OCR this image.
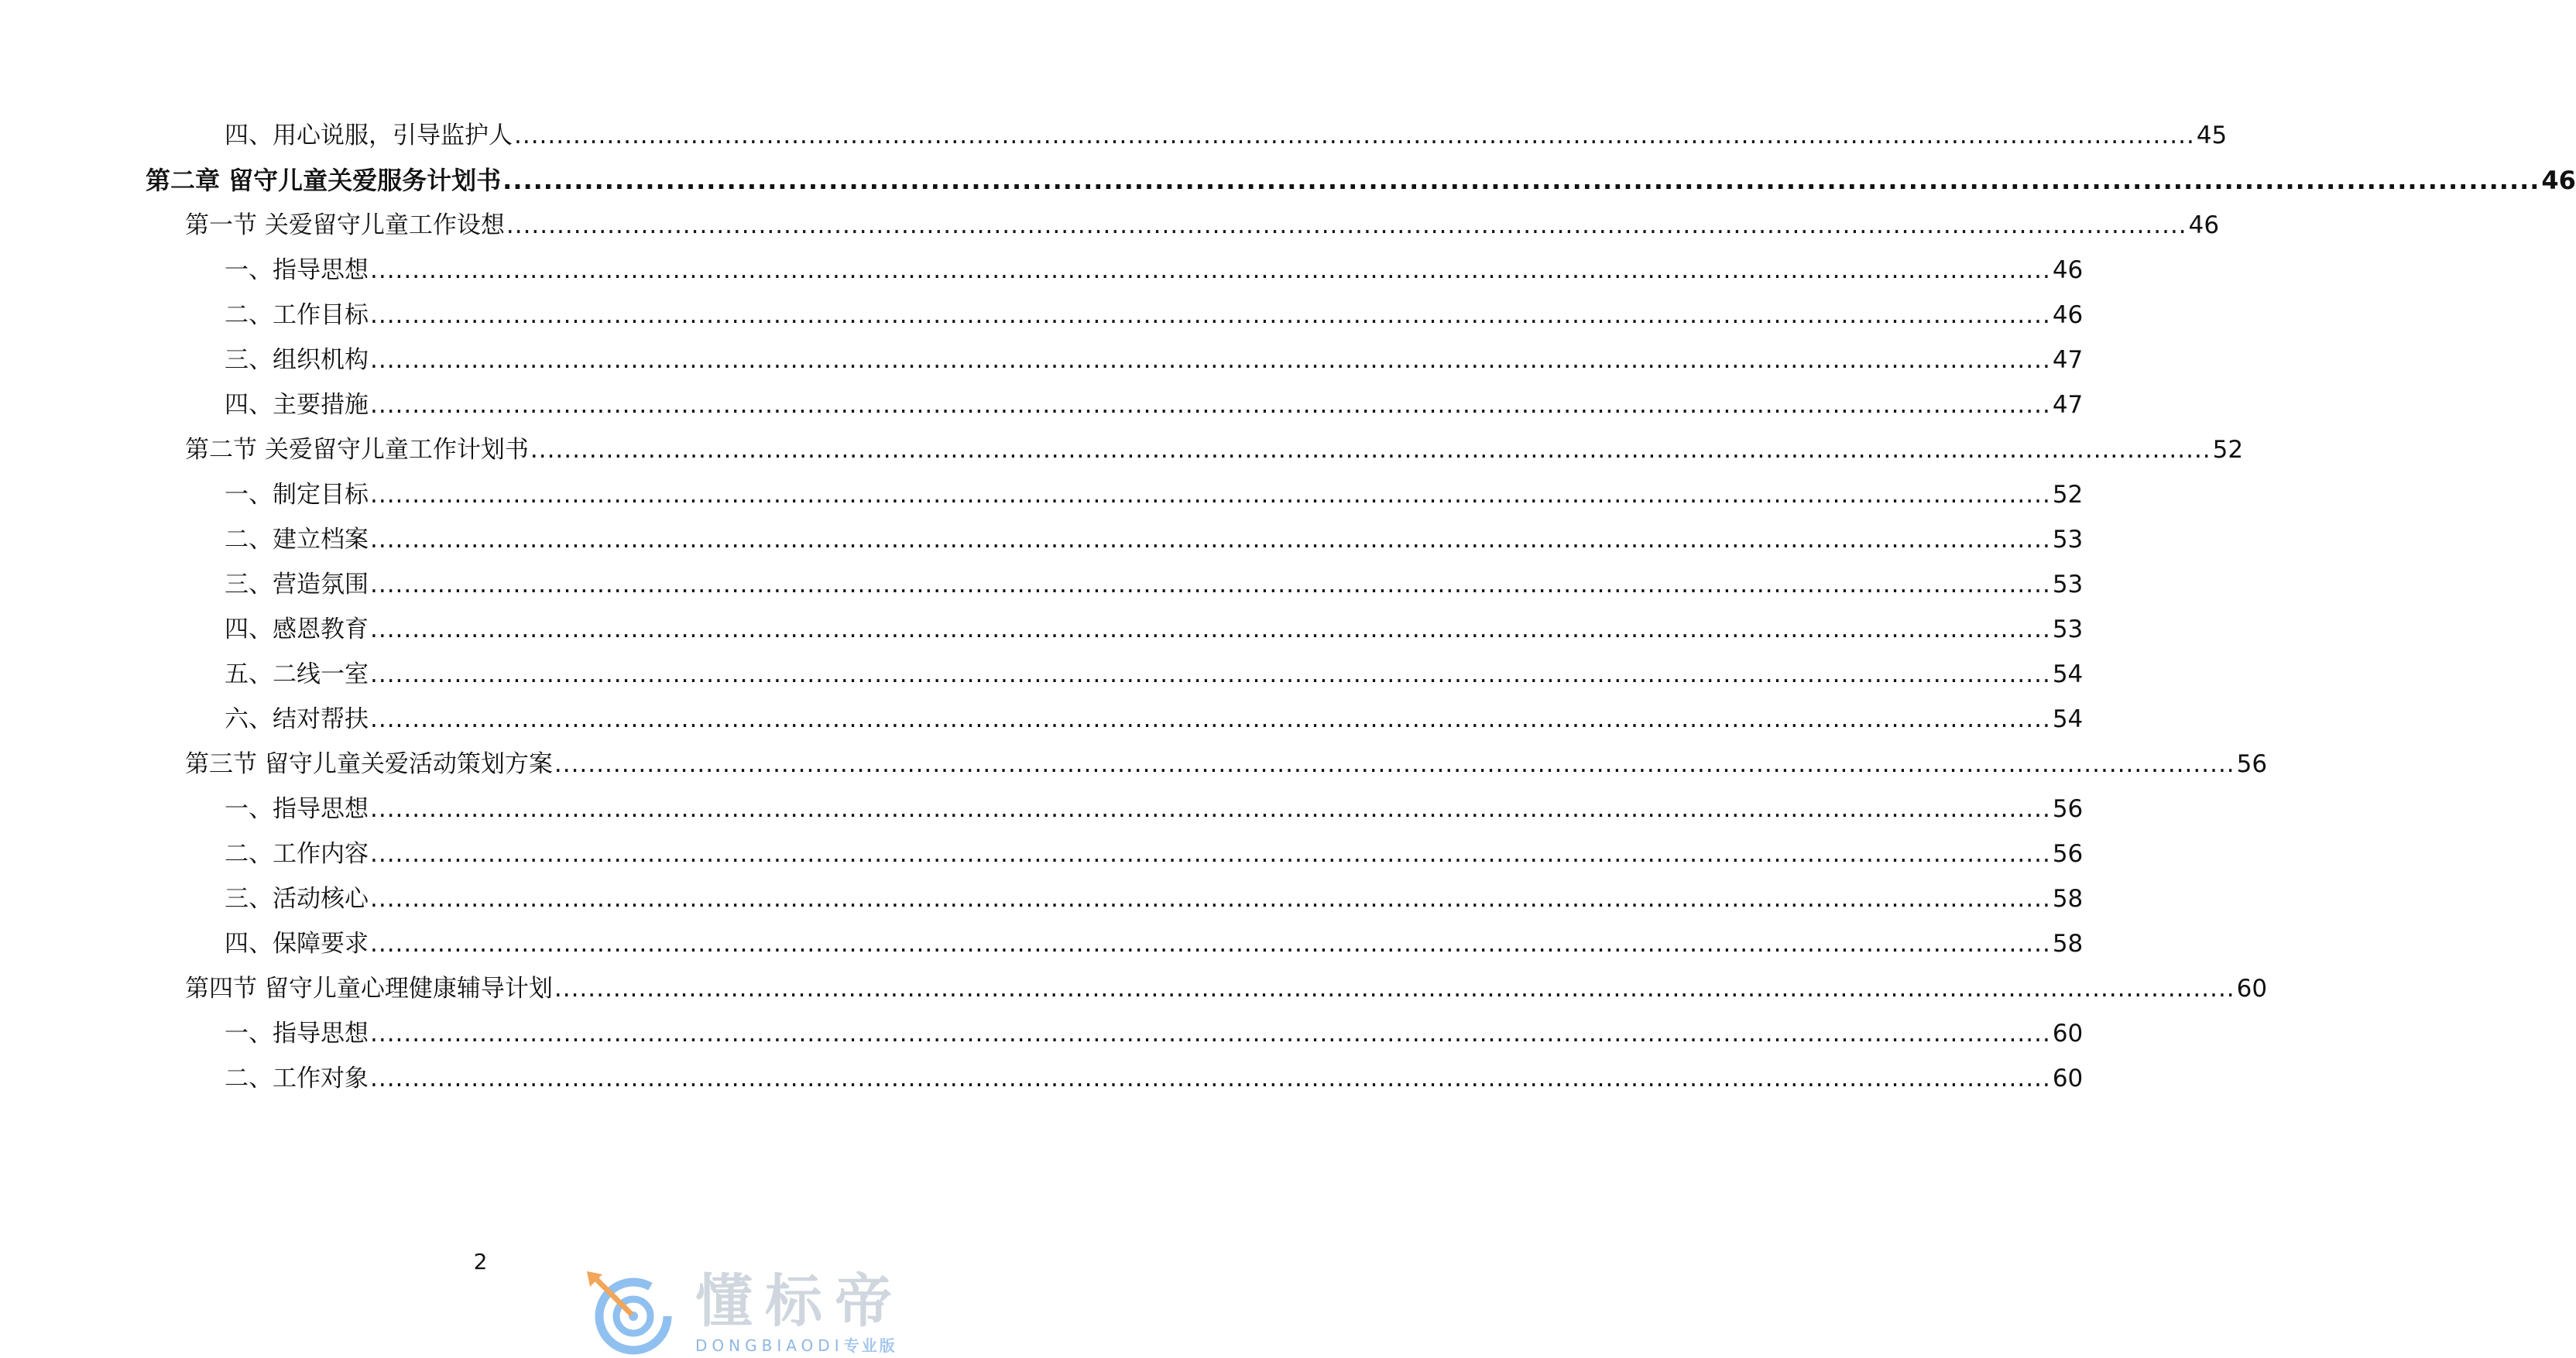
四、用心说服，引导监护人 ........................................................................................................................................................................................................ 45
第二章 留守儿童关爱服务计划书 ........................................................................................................................................................................................................ 46
第一节 关爱留守儿童工作设想 ........................................................................................................................................................................................................ 46
一、指导思想 ........................................................................................................................................................................................................ 46
二、工作目标 ........................................................................................................................................................................................................ 46
三、组织机构 ........................................................................................................................................................................................................ 47
四、主要措施 ........................................................................................................................................................................................................ 47
第二节 关爱留守儿童工作计划书 ........................................................................................................................................................................................................ 52
一、制定目标 ........................................................................................................................................................................................................ 52
二、建立档案 ........................................................................................................................................................................................................ 53
三、营造氛围 ........................................................................................................................................................................................................ 53
四、感恩教育 ........................................................................................................................................................................................................ 53
五、二线一室 ........................................................................................................................................................................................................ 54
六、结对帮扶 ........................................................................................................................................................................................................ 54
第三节 留守儿童关爱活动策划方案 ........................................................................................................................................................................................................ 56
一、指导思想 ........................................................................................................................................................................................................ 56
二、工作内容 ........................................................................................................................................................................................................ 56
三、活动核心 ........................................................................................................................................................................................................ 58
四、保障要求 ........................................................................................................................................................................................................ 58
第四节 留守儿童心理健康辅导计划 ........................................................................................................................................................................................................ 60
一、指导思想 ........................................................................................................................................................................................................ 60
二、工作对象 ........................................................................................................................................................................................................ 60
2
懂标帝
DONGBIAODI专业版
